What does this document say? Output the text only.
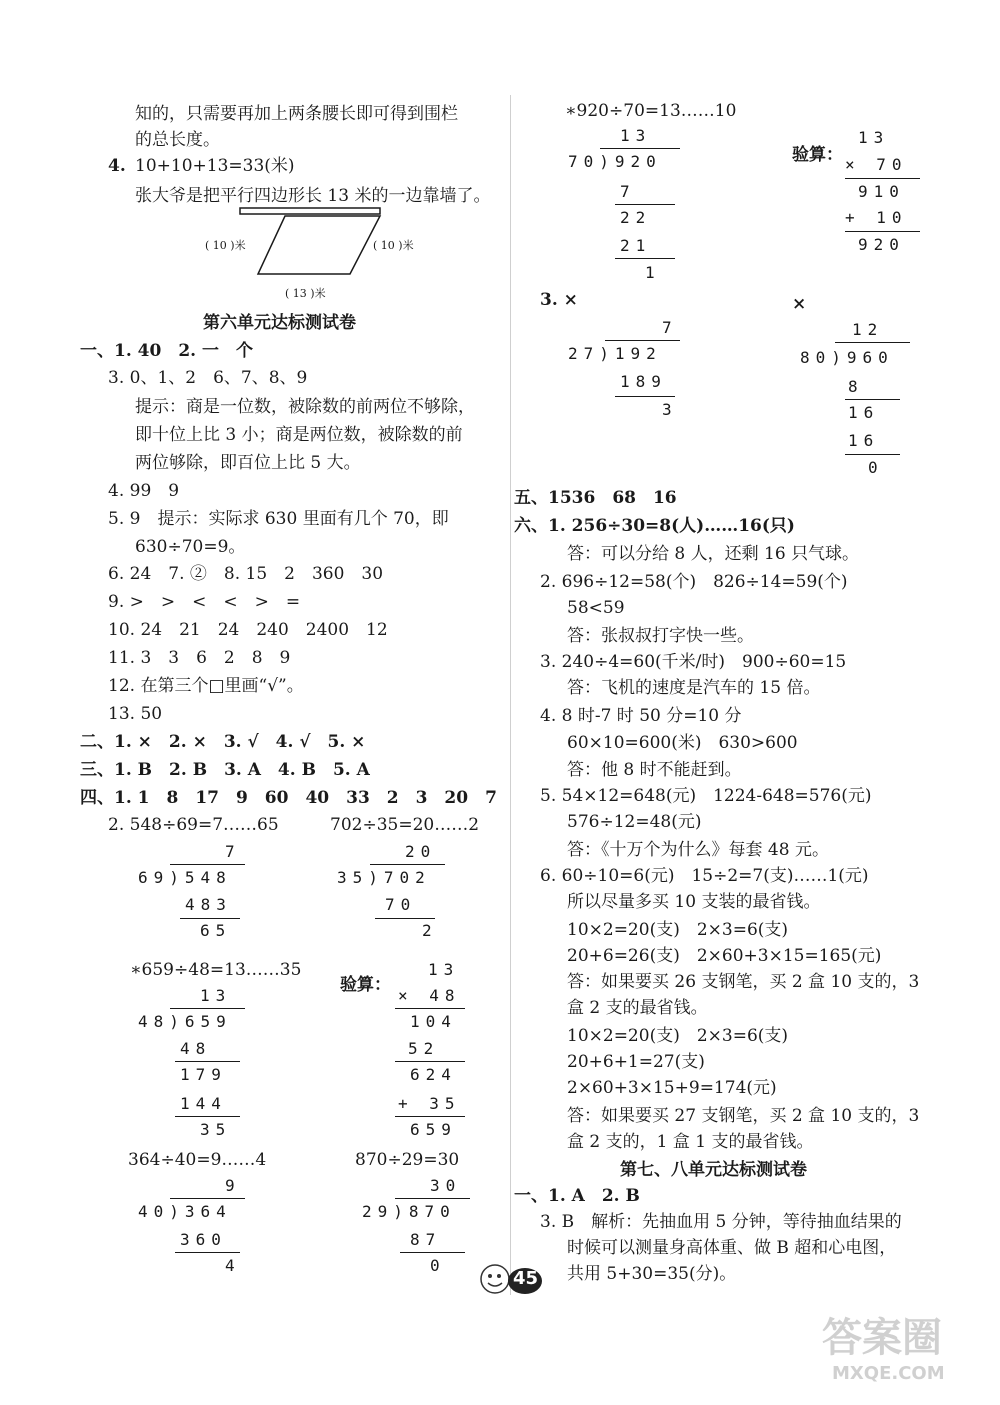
知的，只需要再加上两条腰长即可得到围栏
的总长度。
4. 10+10+13=33(米)
张大爷是把平行四边形长 13 米的一边靠墙了。
( 10 )米	( 10 )米
( 13 )米
第六单元达标测试卷
一、1. 40　2. 一　个
3. 0、1、2　6、7、8、9
提示：商是一位数，被除数的前两位不够除，
即十位上比 3 小；商是两位数，被除数的前
两位够除，即百位上比 5 大。
4. 99　9
5. 9　提示：实际求 630 里面有几个 70，即
630÷70=9。
6. 24　7. ②　8. 15　2　360　30
9. >　>　<　<　>　=
10. 24　21　24　240　2400　12
11. 3　3　6　2　8　9
12. 在第三个□里画“√”。
13. 50
二、1. ×　2. ×　3. √　4. √　5. ×
三、1. B　2. B　3. A　4. B　5. A
四、1. 1　8　17　9　60　40　33　2　3　20　7
2. 548÷69=7……65	702÷35=20……2
7
69)548
483
65
20
35)702
70
2
∗659÷48=13……35
验算：
13
48)659
48
179
144
35
13
× 48
104
52
624
+ 35
659
364÷40=9……4	870÷29=30
9
40)364
360
4
30
29)870
87
0
∗920÷70=13……10
13
70)920
7
22
21
1
验算：
13
× 70
910
+ 10
920
3. ×
7
27)192
189
3
×
12
80)960
8
16
16
0
五、1536　68　16
六、1. 256÷30=8(人)……16(只)
答：可以分给 8 人，还剩 16 只气球。
2. 696÷12=58(个)　826÷14=59(个)
58<59
答：张叔叔打字快一些。
3. 240÷4=60(千米/时)　900÷60=15
答：飞机的速度是汽车的 15 倍。
4. 8 时-7 时 50 分=10 分
60×10=600(米)　630>600
答：他 8 时不能赶到。
5. 54×12=648(元)　1224-648=576(元)
576÷12=48(元)
答：《十万个为什么》每套 48 元。
6. 60÷10=6(元)　15÷2=7(支)……1(元)
所以尽量多买 10 支装的最省钱。
10×2=20(支)　2×3=6(支)
20+6=26(支)　2×60+3×15=165(元)
答：如果要买 26 支钢笔，买 2 盒 10 支的，3
盒 2 支的最省钱。
10×2=20(支)　2×3=6(支)
20+6+1=27(支)
2×60+3×15+9=174(元)
答：如果要买 27 支钢笔，买 2 盒 10 支的，3
盒 2 支的，1 盒 1 支的最省钱。
第七、八单元达标测试卷
一、1. A　2. B
3. B　解析：先抽血用 5 分钟，等待抽血结果的
时候可以测量身高体重、做 B 超和心电图，
共用 5+30=35(分)。
45
答案圈
MXQE.COM
